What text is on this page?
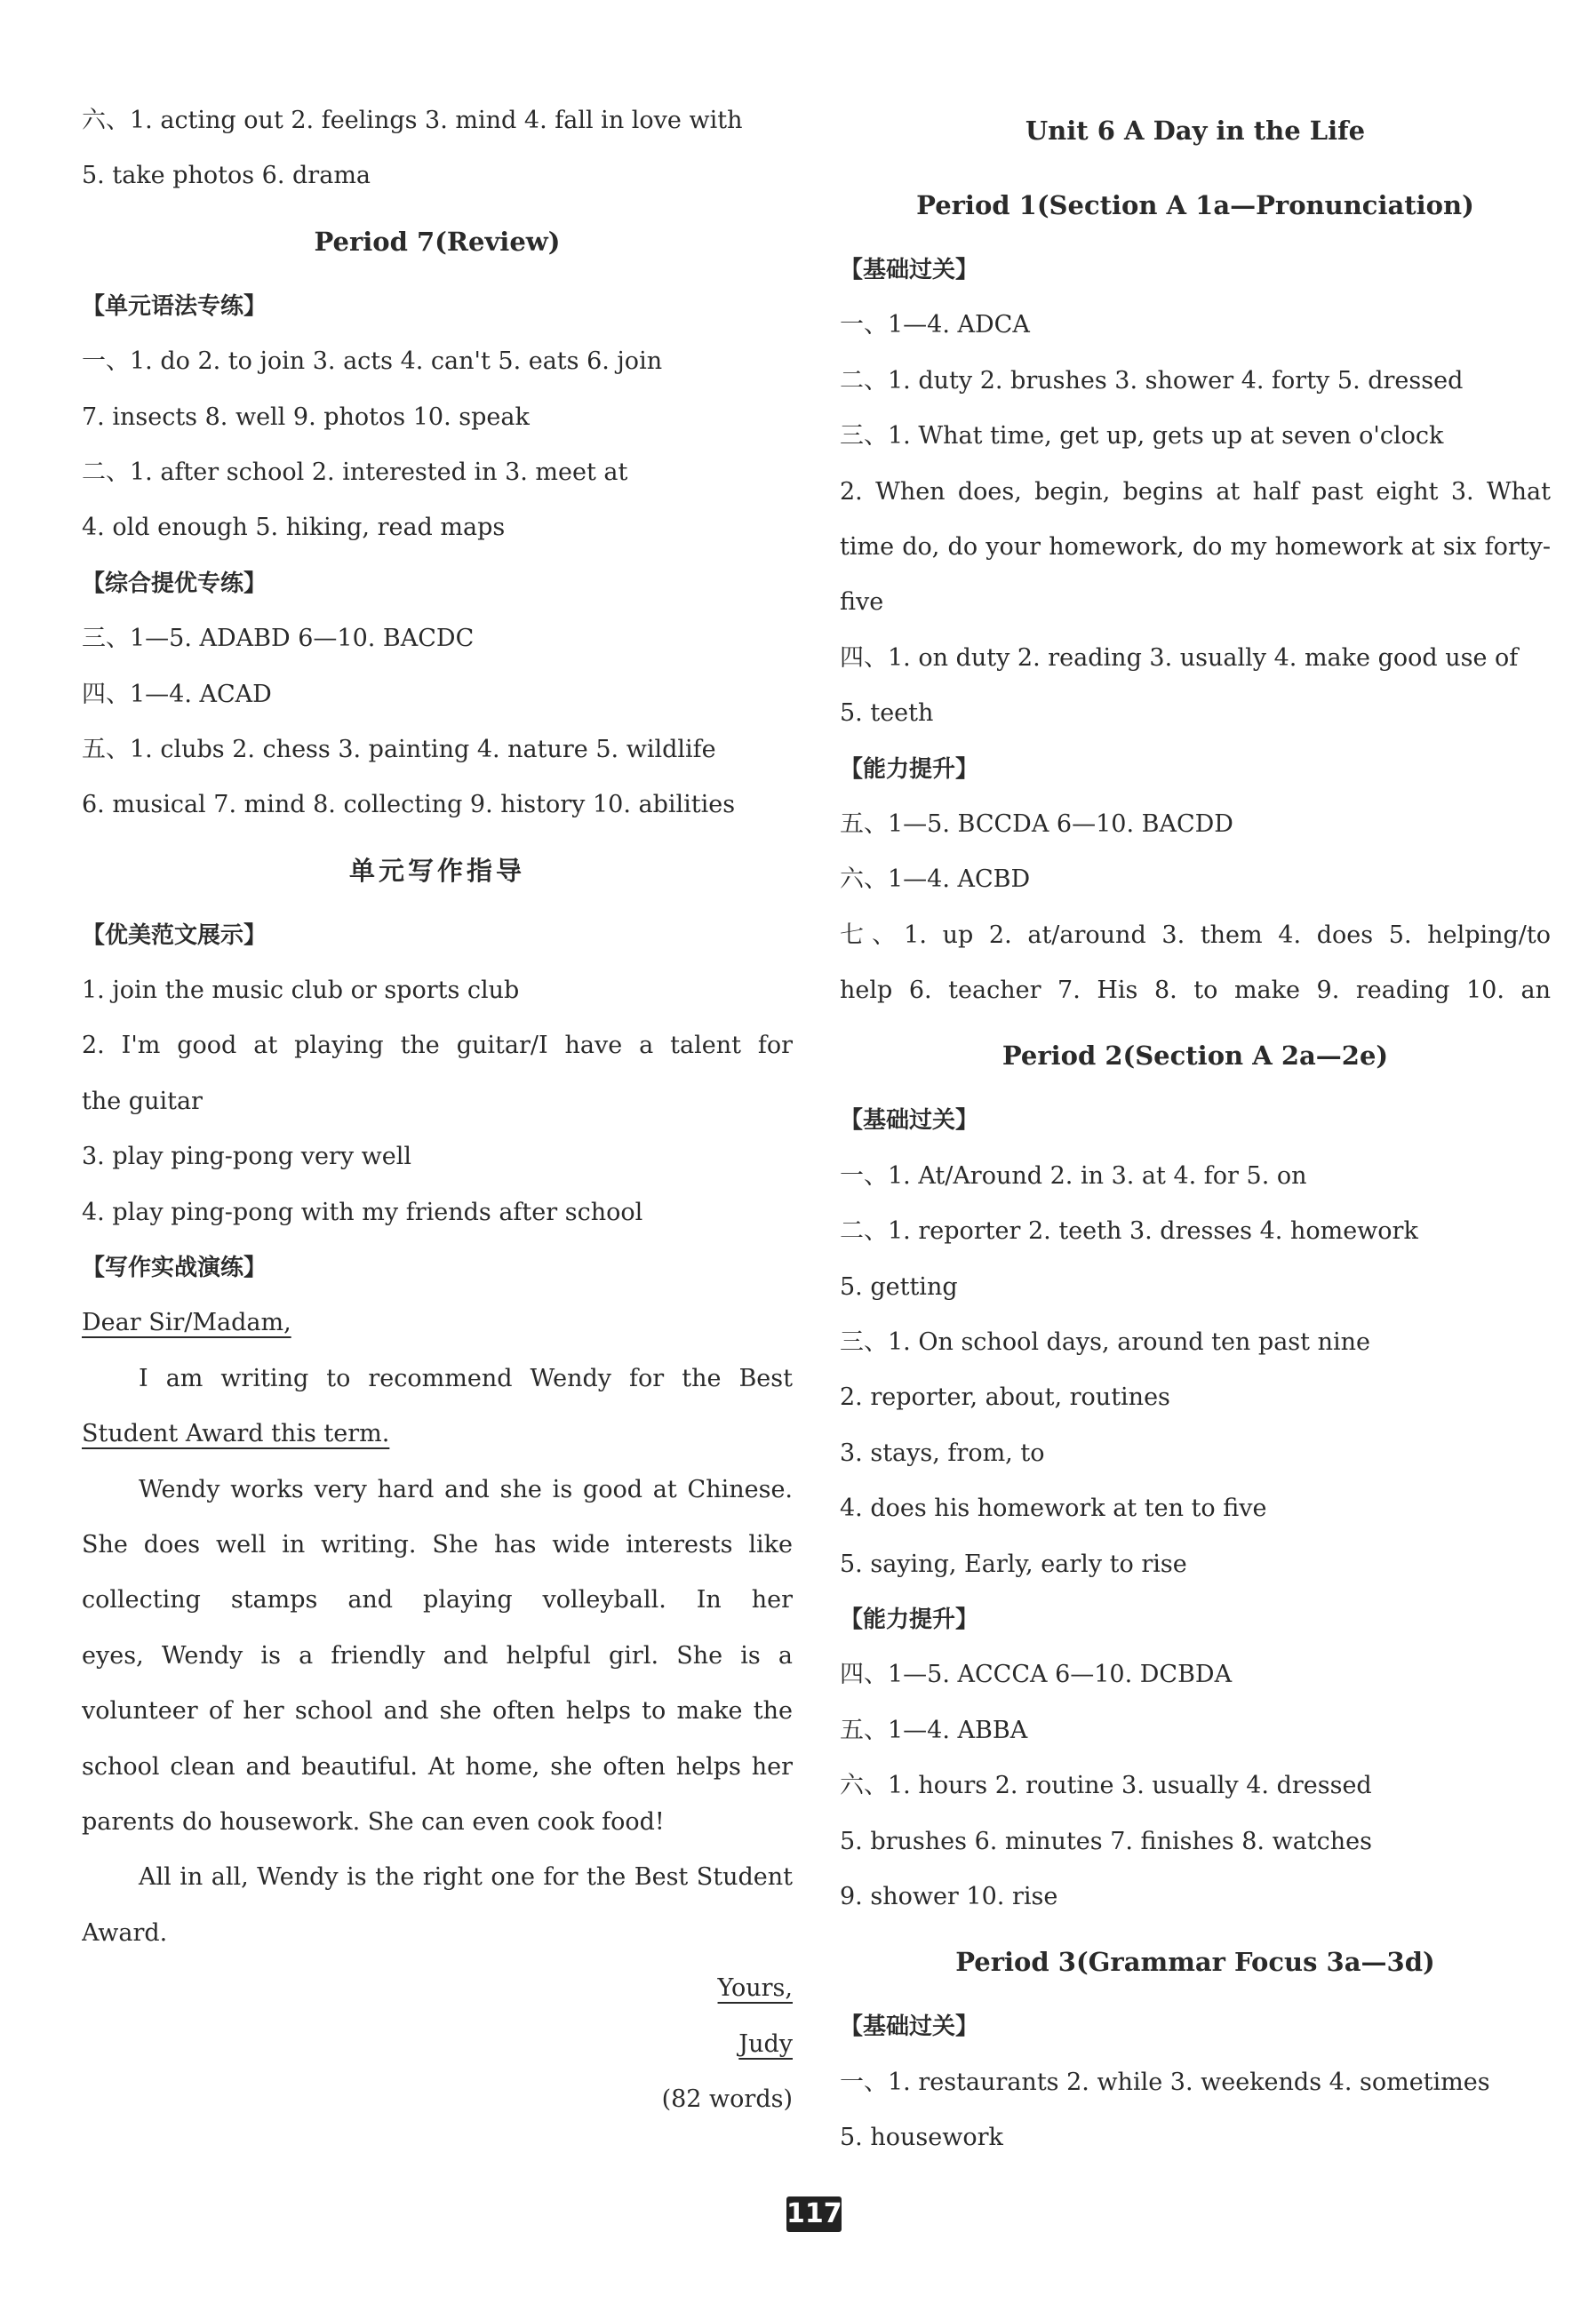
六、1. acting out 2. feelings 3. mind 4. fall in love with
5. take photos 6. drama
Period 7(Review)
【单元语法专练】
一、1. do 2. to join 3. acts 4. can't 5. eats 6. join
7. insects 8. well 9. photos 10. speak
二、1. after school 2. interested in 3. meet at
4. old enough 5. hiking, read maps
【综合提优专练】
三、1—5. ADABD 6—10. BACDC
四、1—4. ACAD
五、1. clubs 2. chess 3. painting 4. nature 5. wildlife
6. musical 7. mind 8. collecting 9. history 10. abilities
单元写作指导
【优美范文展示】
1. join the music club or sports club
2. I'm good at playing the guitar/I have a talent for
the guitar
3. play ping-pong very well
4. play ping-pong with my friends after school
【写作实战演练】
Dear Sir/Madam,
I am writing to recommend Wendy for the Best
Student Award this term.
Wendy works very hard and she is good at Chinese.
She does well in writing. She has wide interests like
collecting stamps and playing volleyball. In her
eyes, Wendy is a friendly and helpful girl. She is a
volunteer of her school and she often helps to make the
school clean and beautiful. At home, she often helps her
parents do housework. She can even cook food!
All in all, Wendy is the right one for the Best Student
Award.
Yours,
Judy
(82 words)
Unit 6 A Day in the Life
Period 1(Section A 1a—Pronunciation)
【基础过关】
一、1—4. ADCA
二、1. duty 2. brushes 3. shower 4. forty 5. dressed
三、1. What time, get up, gets up at seven o'clock
2. When does, begin, begins at half past eight 3. What
time do, do your homework, do my homework at six forty-
five
四、1. on duty 2. reading 3. usually 4. make good use of
5. teeth
【能力提升】
五、1—5. BCCDA 6—10. BACDD
六、1—4. ACBD
七、1. up 2. at/around 3. them 4. does 5. helping/to
help 6. teacher 7. His 8. to make 9. reading 10. an
Period 2(Section A 2a—2e)
【基础过关】
一、1. At/Around 2. in 3. at 4. for 5. on
二、1. reporter 2. teeth 3. dresses 4. homework
5. getting
三、1. On school days, around ten past nine
2. reporter, about, routines
3. stays, from, to
4. does his homework at ten to five
5. saying, Early, early to rise
【能力提升】
四、1—5. ACCCA 6—10. DCBDA
五、1—4. ABBA
六、1. hours 2. routine 3. usually 4. dressed
5. brushes 6. minutes 7. finishes 8. watches
9. shower 10. rise
Period 3(Grammar Focus 3a—3d)
【基础过关】
一、1. restaurants 2. while 3. weekends 4. sometimes
5. housework
117
